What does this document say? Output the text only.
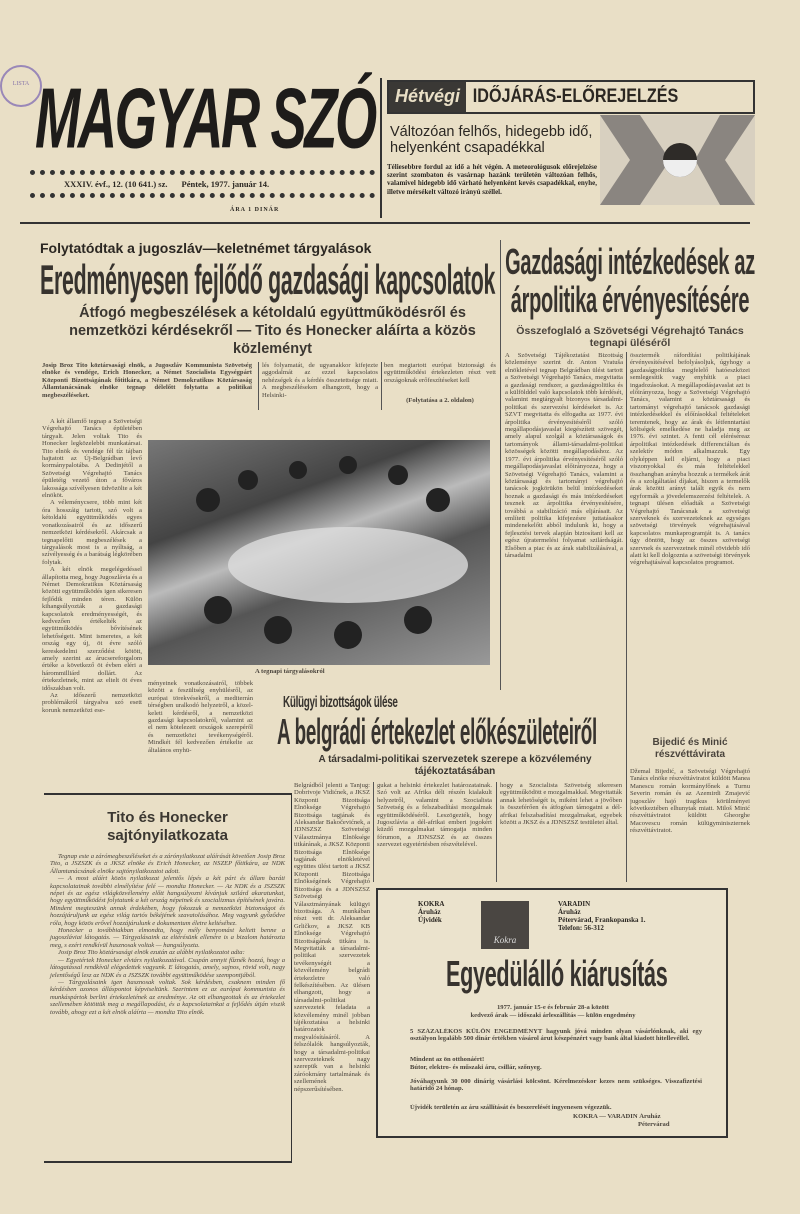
LISTA MAGYAR SZÓ
XXXIV. évf., 12. (10 641.) sz. Péntek, 1977. január 14.
ÁRA 1 DINÁR
Hétvégi IDŐJÁRÁS-ELŐREJELZÉS
Változóan felhős, hidegebb idő, helyenként csapadékkal
Téliesebbre fordul az idő a hét végén. A meteorológusok előrejelzése szerint szombaton és vasárnap hazánk területén változóan felhős, valamivel hidegebb idő várható helyenként kevés csapadékkal, enyhe, illetve mérsékelt változó irányú széllel.
Folytatódtak a jugoszláv—keletnémet tárgyalások
Eredményesen fejlődő gazdasági kapcsolatok
Átfogó megbeszélések a kétoldalú együttműködésről és nemzetközi kérdésekről — Tito és Honecker aláírta a közös közleményt
Josip Broz Tito köztársasági elnök, a Jugoszláv Kommunista Szövetség elnöke és vendége, Erich Honecker, a Német Szocialista Egységpárt Központi Bizottságának főtitkára, a Német Demokratikus Köztársaság Államtanácsának elnöke tegnap délelőtt folytatta a politikai megbeszéléseket.
lés folyamatát, de ugyanakkor kifejezte aggodalmát az ezzel kapcsolatos nehézségek és a kérdés összetettsége miatt. A megbeszéléseken elhangzott, hogy a Helsinki-
ben megtartott európai biztonsági és együttműködési értekezleten részt vett országoknak erőfeszítéseket kell
(Folytatása a 2. oldalon)

A két államfő tegnap a Szövetségi Végrehajtó Tanács épületében tárgyalt. Jelen voltak Tito és Honecker legközelebbi munkatársai. Tito elnök és vendége fél tíz tájban hajtatott az Új-Belgrádban levő kormánypalotába. A Dedinjétől a Szövetségi Végrehajtó Tanács épületéig vezető úton a főváros lakossága szívélyesen üdvözölte a két elnököt.

A véleménycsere, több mint két óra hosszáig tartott, szó volt a kétoldalú együttműködés egyes vonatkozásairól és az időszerű nemzetközi kérdésekről. Akárcsak a tegnapelőtti megbeszélések a tárgyalások most is a nyíltság, a szívélyesség és a barátság légkörében folytak.

A két elnök megelégedéssel állapította meg, hogy Jugoszlávia és a Német Demokratikus Köztársaság közötti együttműködés igen sikeresen fejlődik minden téren. Külön kihangsúlyozták a gazdasági kapcsolatok eredményességét, és kedvezően értékelték az együttműködés bővítésének lehetőségeit. Mint ismeretes, a két ország egy új, öt évre szóló kereskedelmi szerződést kötött, amely szerint az árucsereforgalom értéke a következő öt évben eléri a hárommilliárd dollárt. Az értekezletnek, mint az eltelt öt éves időszakban volt.

Az időszerű nemzetközi problémákról tárgyalva szó esett korunk nemzetközi ese-

A tegnapi tárgyalásokról
ményeinek vonatkozásairól, többek között a feszültség enyhülésről, az európai törekvésekről, a mediterrán térségben uralkodó helyzetről, a közel-keleti kérdésről, a nemzetközi gazdasági kapcsolatokról, valamint az el nem kötelezett országok szerepéről és nemzetközi tevékenységéről. Mindkét fél kedvezően értékelte az általános enyhü-
Gazdasági intézkedések az árpolitika érvényesítésére
Összefoglaló a Szövetségi Végrehajtó Tanács tegnapi üléséről
A Szövetségi Tájékoztatási Bizottság közleménye szerint dr. Anton Vratuša elnökletével tegnap Belgrádban ülést tartott a Szövetségi Végrehajtó Tanács, megvitatta a gazdasági rendszer, a gazdaságpolitika és a külfölddel való kapcsolatok több kérdését, valamint megtárgyalt bizonyos társadalmi-politikai és szervezési kérdéseket is. Az SZVT megvitatta és elfogadta az 1977. évi árpolitika érvényesítéséről szóló megállapodásjavaslat kiegészített szövegét, amely alapul szolgál a köztársaságok és tartományok állami-társadalmi-politikai közösségek közötti megállapodáshoz. Az 1977. évi árpolitika érvényesítéséről szóló megállapodásjavaslat előirányozza, hogy a Szövetségi Végrehajtó Tanács, valamint a köztársasági és tartományi végrehajtó tanácsok jogkörükön belül intézkedéseket hoznak a gazdasági és más intézkedéseket tesznek az árpolitika érvényesítésére, továbbá a stabilizáció más eljárásait. Az említett politika kifejezésre juttatásakor mindenekelőtt abból indulunk ki, hogy a fejlesztési tervek alapján biztosítani kell az egész újratermelési folyamat szilárdságát. Elsőben a piac és az árak stabilizálásával, a társadalmi
össztermék ráfordítási politikájának érvényesítésével befolyásoljuk, úgyhogy a gazdaságpolitika megfelelő hatóeszközei semlegesítik vagy enyhítik a piaci ingadozásokat. A megállapodásjavaslat azt is előirányozza, hogy a Szövetségi Végrehajtó Tanács, valamint a köztársasági és tartományi végrehajtó tanácsok gazdasági intézkedésekkel és előírásokkal feltételeket teremtenek, hogy az árak és létfenntartási költségek emelkedése ne haladja meg az 1976. évi szintet. A fenti cél eléréséreaz árpolitikai intézkedések differenciáltan és szelektív módon alkalmazzuk. Egy olyképpen kell eljárni, hogy a piaci viszonyokkal és más feltételekkel összhangban arányba hozzuk a termékek árát és a szolgáltatási díjakat, hiszen a termelők árak közötti arányt talált egyik és nem egyformák a jövedelemszerzési feltételek. A tegnapi ülésen előadták a Szövetségi Végrehajtó Tanácsnak a szövetségi szerveknek és szervezeteknek az egységes szövetségi törvények végrehajtásával kapcsolatos munkaprogramját is. A tanács úgy döntött, hogy az összes szövetségi szervnek és szervezetnek minél rövidebb idő alatt ki kell dolgoznia a szövetségi törvények végrehajtásával kapcsolatos programot.
Bijedić és Minić részvéttávirata
Džemal Bijedić, a Szövetségi Végrehajtó Tanács elnöke részvéttáviratot küldött Manea Manescu román kormányfőnek a Turnu Severin román és az Azemirdi Zmajević jugoszláv hajó tragikus körülményei következtében elhunytak miatt. Miloš Minić részvéttáviratot küldött Gheorghe Macovescu román külügyminiszternek részvéttáviratot.
Tito és Honecker sajtónyilatkozata

Tegnap este a zárómegbeszéléseket és a zárónyilatkozat aláírását követően Josip Broz Tito, a JSZSZK és a JKSZ elnöke és Erich Honecker, az NSZEP főtitkára, az NDK Államtanácsának elnöke sajtónyilatkozatot adott.

— A most aláírt közös nyilatkozat jelentős lépés a két párt és állam baráti kapcsolatainak további elmélyítése felé — mondta Honecker. — Az NDK és a JSZSZK népei és az egész világközvélemény előtt hangsúlyozni kívánjuk szilárd akaratunkat, hogy együttműködést folytatunk a két ország népeinek és szocializmus építésének javára. Mindent megteszünk annak érdekében, hogy fokozzuk a nemzetközi biztonságot és hozzájáruljunk az egész világ tartós békéjének szavatolásához. Meg vagyunk győződve róla, hogy közös erővel hozzájárulunk e dokumentum életre keltéséhez.

Honecker a továbbiakban elmondta, hogy mély benyomást keltett benne a jugoszláviai látogatás. — Tárgyalásaink az eltérésünk ellenére is a bizalom határozta meg, s ezért rendkívül hasznosak voltak — hangsúlyozta.

Josip Broz Tito köztársasági elnök ezután az alábbi nyilatkozatot adta:

— Egyetértek Honecker elvtárs nyilatkozatával. Csupán annyit fűznék hozzá, hogy a látogatással rendkívül elégedettek vagyunk. E látogatás, amely, sajnos, rövid volt, nagy jelentőségű lesz az NDK és a JSZSZK további együttműködése szempontjából.

— Tárgyalásaink igen hasznosak voltak. Sok kérdésben, csaknem minden fő kérdésben azonos álláspontot képviseltünk. Szerintem ez az európai kommunista és munkáspártok berlini értekezletének az eredménye. Az ott elhangzottak és az értekezlet szellemében kötöttük meg a megállapodást, és a kapcsolatainkat a fejlődés útján viszik tovább, ahogy ezt a két elnök aláírta — mondta Tito elnök.

Külügyi bizottságok ülése
A belgrádi értekezlet előkészületeiről
A társadalmi-politikai szervezetek szerepe a közvélemény tájékoztatásában
Belgrádból jelenti a Tanjug: Dobrivoje Vidićnek, a JKSZ Központi Bizottsága Elnöksége Végrehajtó Bizottsága tagjának és Aleksandar Bakočevićnek, a JDNSZSZ Szövetségi Választmánya Elnöksége titkárának, a JKSZ Központi Bizottsága Elnöksége tagjának elnökletével együttes ülést tartott a JKSZ Központi Bizottsága Elnökségének Végrehajtó Bizottsága és a JDNSZSZ Szövetségi Választmányának külügyi bizottsága. A munkában részt vett dr. Aleksandar Grličkov, a JKSZ KB Elnöksége Végrehajtó Bizottságának titkára is. Megvitatták a társadalmi-politikai szervezetek tevékenységét a közvélemény belgrádi értekezletre való felkészítésében. Az ülésen elhangzott, hogy a társadalmi-politikai szervezetek feladata a közvélemény minél jobban tájékoztatása a helsinki határozatok megvalósításáról. A felszólalók hangsúlyozták, hogy a társadalmi-politikai szervezeteknek nagy szerepük van a helsinki záróokmány tartalmának és szellemének népszerűsítésében.
gukat a helsinki értekezlet határozatainak. Szó volt az Afrika déli részén kialakult helyzetről, valamint a Szocialista Szövetség és a felszabadítási mozgalmak együttműködéséről. Leszögezték, hogy Jugoszlávia a dél-afrikai emberi jogokért küzdő mozgalmakat támogatja minden fórumon, a JDNSZSZ és az összes szervezet egyetértésben részvételével.
hogy a Szocialista Szövetség sikeresen együttműködött e mozgalmakkal. Megvitatták annak lehetőségét is, miként lehet a jövőben is összeférően és átfogóan támogatni a dél-afrikai felszabadítási mozgalmakat, egyebek között a JKSZ és a JDNSZSZ testületei által.
KOKRA
Áruház
Újvidék
Kokra
VARADIN
Áruház
Pétervárad, Frankopanska 1.
Telefon: 56-312
Egyedülálló kiárusítás
1977. január 15-e és február 28-a között
kedvező árak — időszaki árleszállítás — külön engedmény
5 SZÁZALÉKOS KÜLÖN ENGEDMÉNYT hagyunk jóvá minden olyan vásárlónknak, aki egy osztályon legalább 500 dinár értékben vásárol árut készpénzért vagy bank által kiadott hitellevéllel.
Mindent az ön otthonáért!
Bútor, elektro- és műszaki áru, csillár, szőnyeg.
Jóváhagyunk 30 000 dinárig vásárlási kölcsönt. Kérelmezéskor kezes nem szükséges. Visszafizetési határidő 24 hónap.
Újvidék területén az áru szállítását és beszerelését ingyenesen végezzük.
KOKRA — VARADIN Áruház
Pétervárad
